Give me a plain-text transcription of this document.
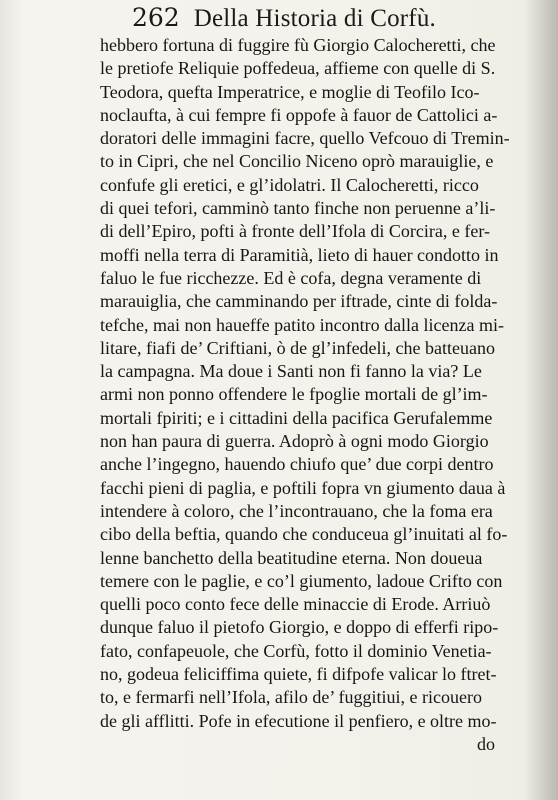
262 Della Historia di Corfù.
hebbero fortuna di fuggire fù Giorgio Calocheretti, che
le pretiofe Reliquie poffedeua, affieme con quelle di S.
Teodora, quefta Imperatrice, e moglie di Teofilo Ico-
noclaufta, à cui fempre fi oppofe à fauor de Cattolici a-
doratori delle immagini facre, quello Vefcouo di Tremin-
to in Cipri, che nel Concilio Niceno oprò marauiglie, e
confufe gli eretici, e gl’idolatri. Il Calocheretti, ricco
di quei tefori, camminò tanto finche non peruenne a’li-
di dell’Epiro, pofti à fronte dell’Ifola di Corcira, e fer-
moffi nella terra di Paramitià, lieto di hauer condotto in
faluo le fue ricchezze. Ed è cofa, degna veramente di
marauiglia, che camminando per iftrade, cinte di folda-
tefche, mai non haueffe patito incontro dalla licenza mi-
litare, fiafi de’ Criftiani, ò de gl’infedeli, che batteuano
la campagna. Ma doue i Santi non fi fanno la via? Le
armi non ponno offendere le fpoglie mortali de gl’im-
mortali fpiriti; e i cittadini della pacifica Gerufalemme
non han paura di guerra. Adoprò à ogni modo Giorgio
anche l’ingegno, hauendo chiufo que’ due corpi dentro
facchi pieni di paglia, e poftili fopra vn giumento daua à
intendere à coloro, che l’incontrauano, che la foma era
cibo della beftia, quando che conduceua gl’inuitati al fo-
lenne banchetto della beatitudine eterna. Non doueua
temere con le paglie, e co’l giumento, ladoue Crifto con
quelli poco conto fece delle minaccie di Erode. Arriuò
dunque faluo il pietofo Giorgio, e doppo di efferfi ripo-
fato, confapeuole, che Corfù, fotto il dominio Venetia-
no, godeua feliciffima quiete, fi difpofe valicar lo ftret-
to, e fermarfi nell’Ifola, afilo de’ fuggitiui, e ricouero
de gli afflitti. Pofe in efecutione il penfiero, e oltre mo-
do
